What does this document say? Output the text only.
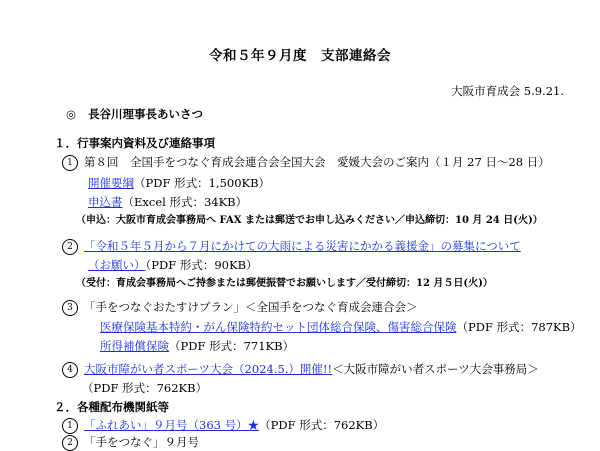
令和５年９月度　支部連絡会
大阪市育成会 5.9.21.
◎ 長谷川理事長あいさつ
１．行事案内資料及び連絡事項
1 第８回　全国手をつなぐ育成会連合会全国大会　愛媛大会のご案内（１月 27 日～28 日）
開催要綱（PDF 形式：1,500KB）
申込書（Excel 形式：34KB）
（申込：大阪市育成会事務局へ FAX または郵送でお申し込みください／申込締切：10 月 24 日(火)）
2 「令和５年５月から７月にかけての大雨による災害にかかる義援金」の募集について
（お願い）（PDF 形式：90KB）
（受付：育成会事務局へご持参または郵便振替でお願いします／受付締切：12 月５日(火)）
3 「手をつなぐおたすけプラン」＜全国手をつなぐ育成会連合会＞
医療保険基本特約・がん保険特約セット団体総合保険、傷害総合保険（PDF 形式：787KB）
所得補償保険（PDF 形式：771KB）
4 大阪市障がい者スポーツ大会（2024.5.）開催!!＜大阪市障がい者スポーツ大会事務局＞
（PDF 形式：762KB）
２．各種配布機関紙等
1 「ふれあい」９月号（363 号）★（PDF 形式：762KB）
2 「手をつなぐ」９月号
